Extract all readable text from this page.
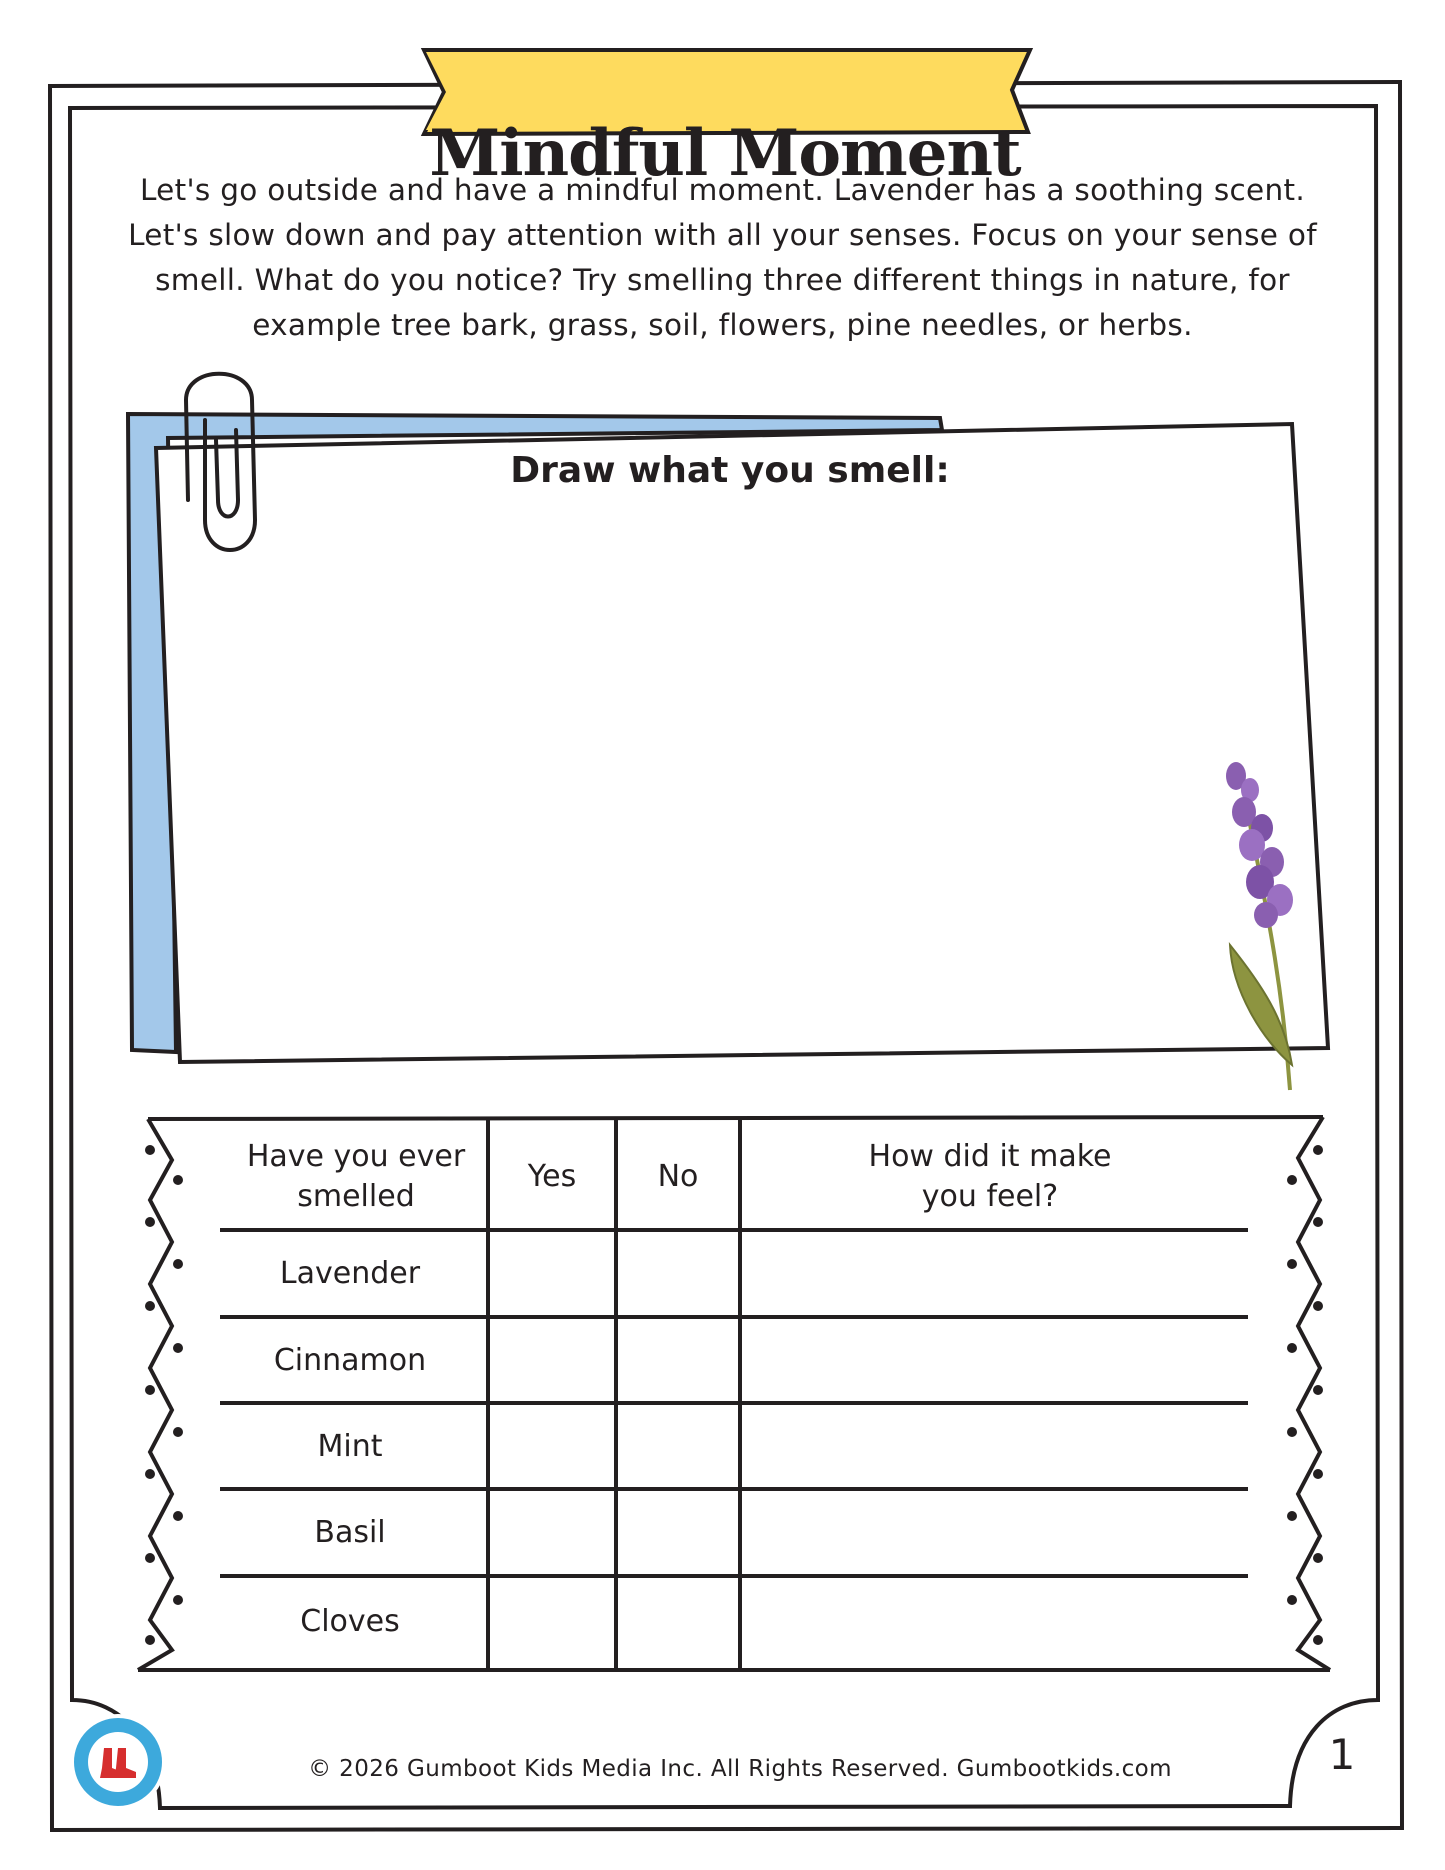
Mindful Moment
Let's go outside and have a mindful moment. Lavender has a soothing scent. Let's slow down and pay attention with all your senses. Focus on your sense of smell. What do you notice? Try smelling three different things in nature, for example tree bark, grass, soil, flowers, pine needles, or herbs.
Draw what you smell:
Have you ever smelled
Yes	No
How did it make you feel?
Lavender
Cinnamon
Mint
Basil
Cloves
© 2026 Gumboot Kids Media Inc. All Rights Reserved. Gumbootkids.com	1
